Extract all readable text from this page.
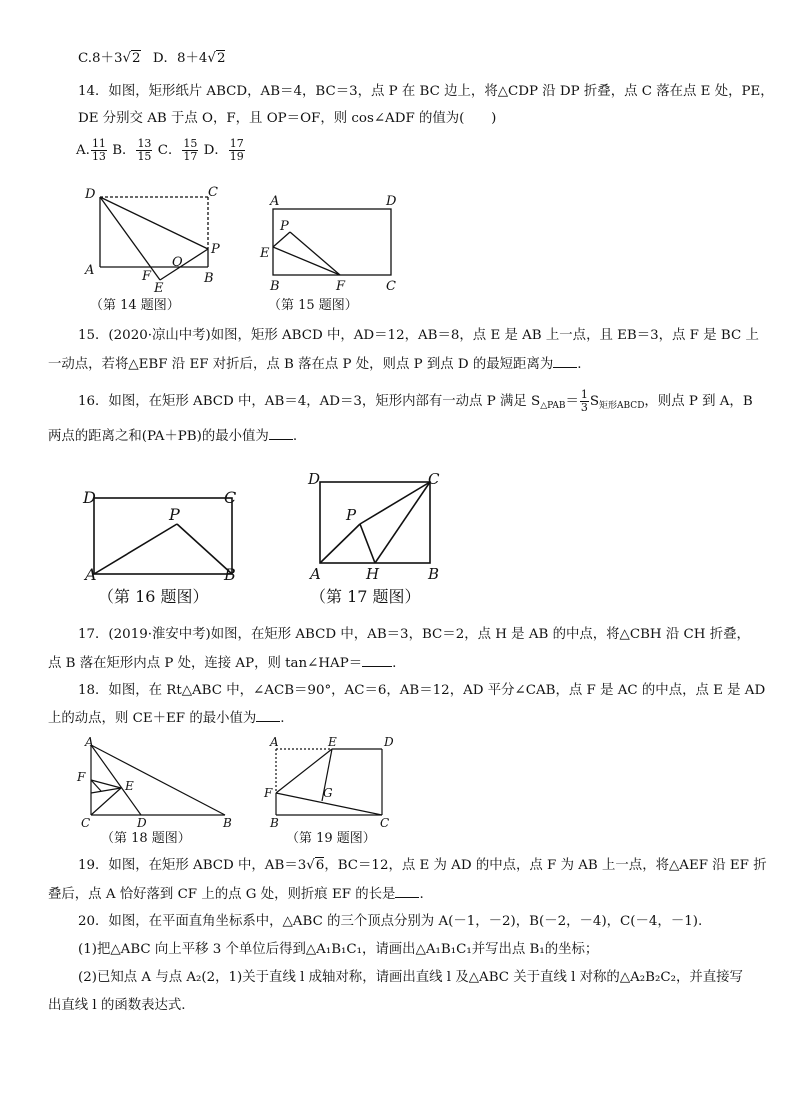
C.8＋3√2 D．8＋4√2
14．如图，矩形纸片 ABCD，AB＝4，BC＝3，点 P 在 BC 边上，将△CDP 沿 DP 折叠，点 C 落在点 E 处，PE，
DE 分别交 AB 于点 O，F，且 OP＝OF，则 cos∠ADF 的值为(　　)
A. $\frac{11}{13}$ B． $\frac{13}{15}$ C． $\frac{15}{17}$ D． $\frac{17}{19}$
D	C
A	F
E
O
B
P
（第 14 题图）
A	D
P
E
B	F	C
（第 15 题图）
15．(2020·凉山中考)如图，矩形 ABCD 中，AD＝12，AB＝8，点 E 是 AB 上一点，且 EB＝3，点 F 是 BC 上
一动点，若将△EBF 沿 EF 对折后，点 B 落在点 P 处，则点 P 到点 D 的最短距离为 .
16．如图，在矩形 ABCD 中，AB＝4，AD＝3，矩形内部有一动点 P 满足 $S_{\triangle PAB}= \frac{1}{3} S_{矩形ABCD}$，则点 P 到 A，B
两点的距离之和(PA＋PB)的最小值为 .
D	C
P
A	B
（第 16 题图）
D	C
P
A	H	B
（第 17 题图）
17．(2019·淮安中考)如图，在矩形 ABCD 中，AB＝3，BC＝2，点 H 是 AB 的中点，将△CBH 沿 CH 折叠，
点 B 落在矩形内点 P 处，连接 AP，则 tan∠HAP＝ .
18．如图，在 Rt△ABC 中，∠ACB＝90°，AC＝6，AB＝12，AD 平分∠CAB，点 F 是 AC 的中点，点 E 是 AD
上的动点，则 CE＋EF 的最小值为 .
A
F
E
C	D	B
（第 18 题图）
A	E	D
F	G
B	C
（第 19 题图）
19．如图，在矩形 ABCD 中，AB＝3√6，BC＝12，点 E 为 AD 的中点，点 F 为 AB 上一点，将△AEF 沿 EF 折
叠后，点 A 恰好落到 CF 上的点 G 处，则折痕 EF 的长是 .
20．如图，在平面直角坐标系中，△ABC 的三个顶点分别为 A(－1，－2)，B(－2，－4)，C(－4，－1).
(1)把△ABC 向上平移 3 个单位后得到△A₁B₁C₁，请画出△A₁B₁C₁并写出点 B₁的坐标；
(2)已知点 A 与点 A₂(2，1)关于直线 l 成轴对称，请画出直线 l 及△ABC 关于直线 l 对称的△A₂B₂C₂，并直接写
出直线 l 的函数表达式.
